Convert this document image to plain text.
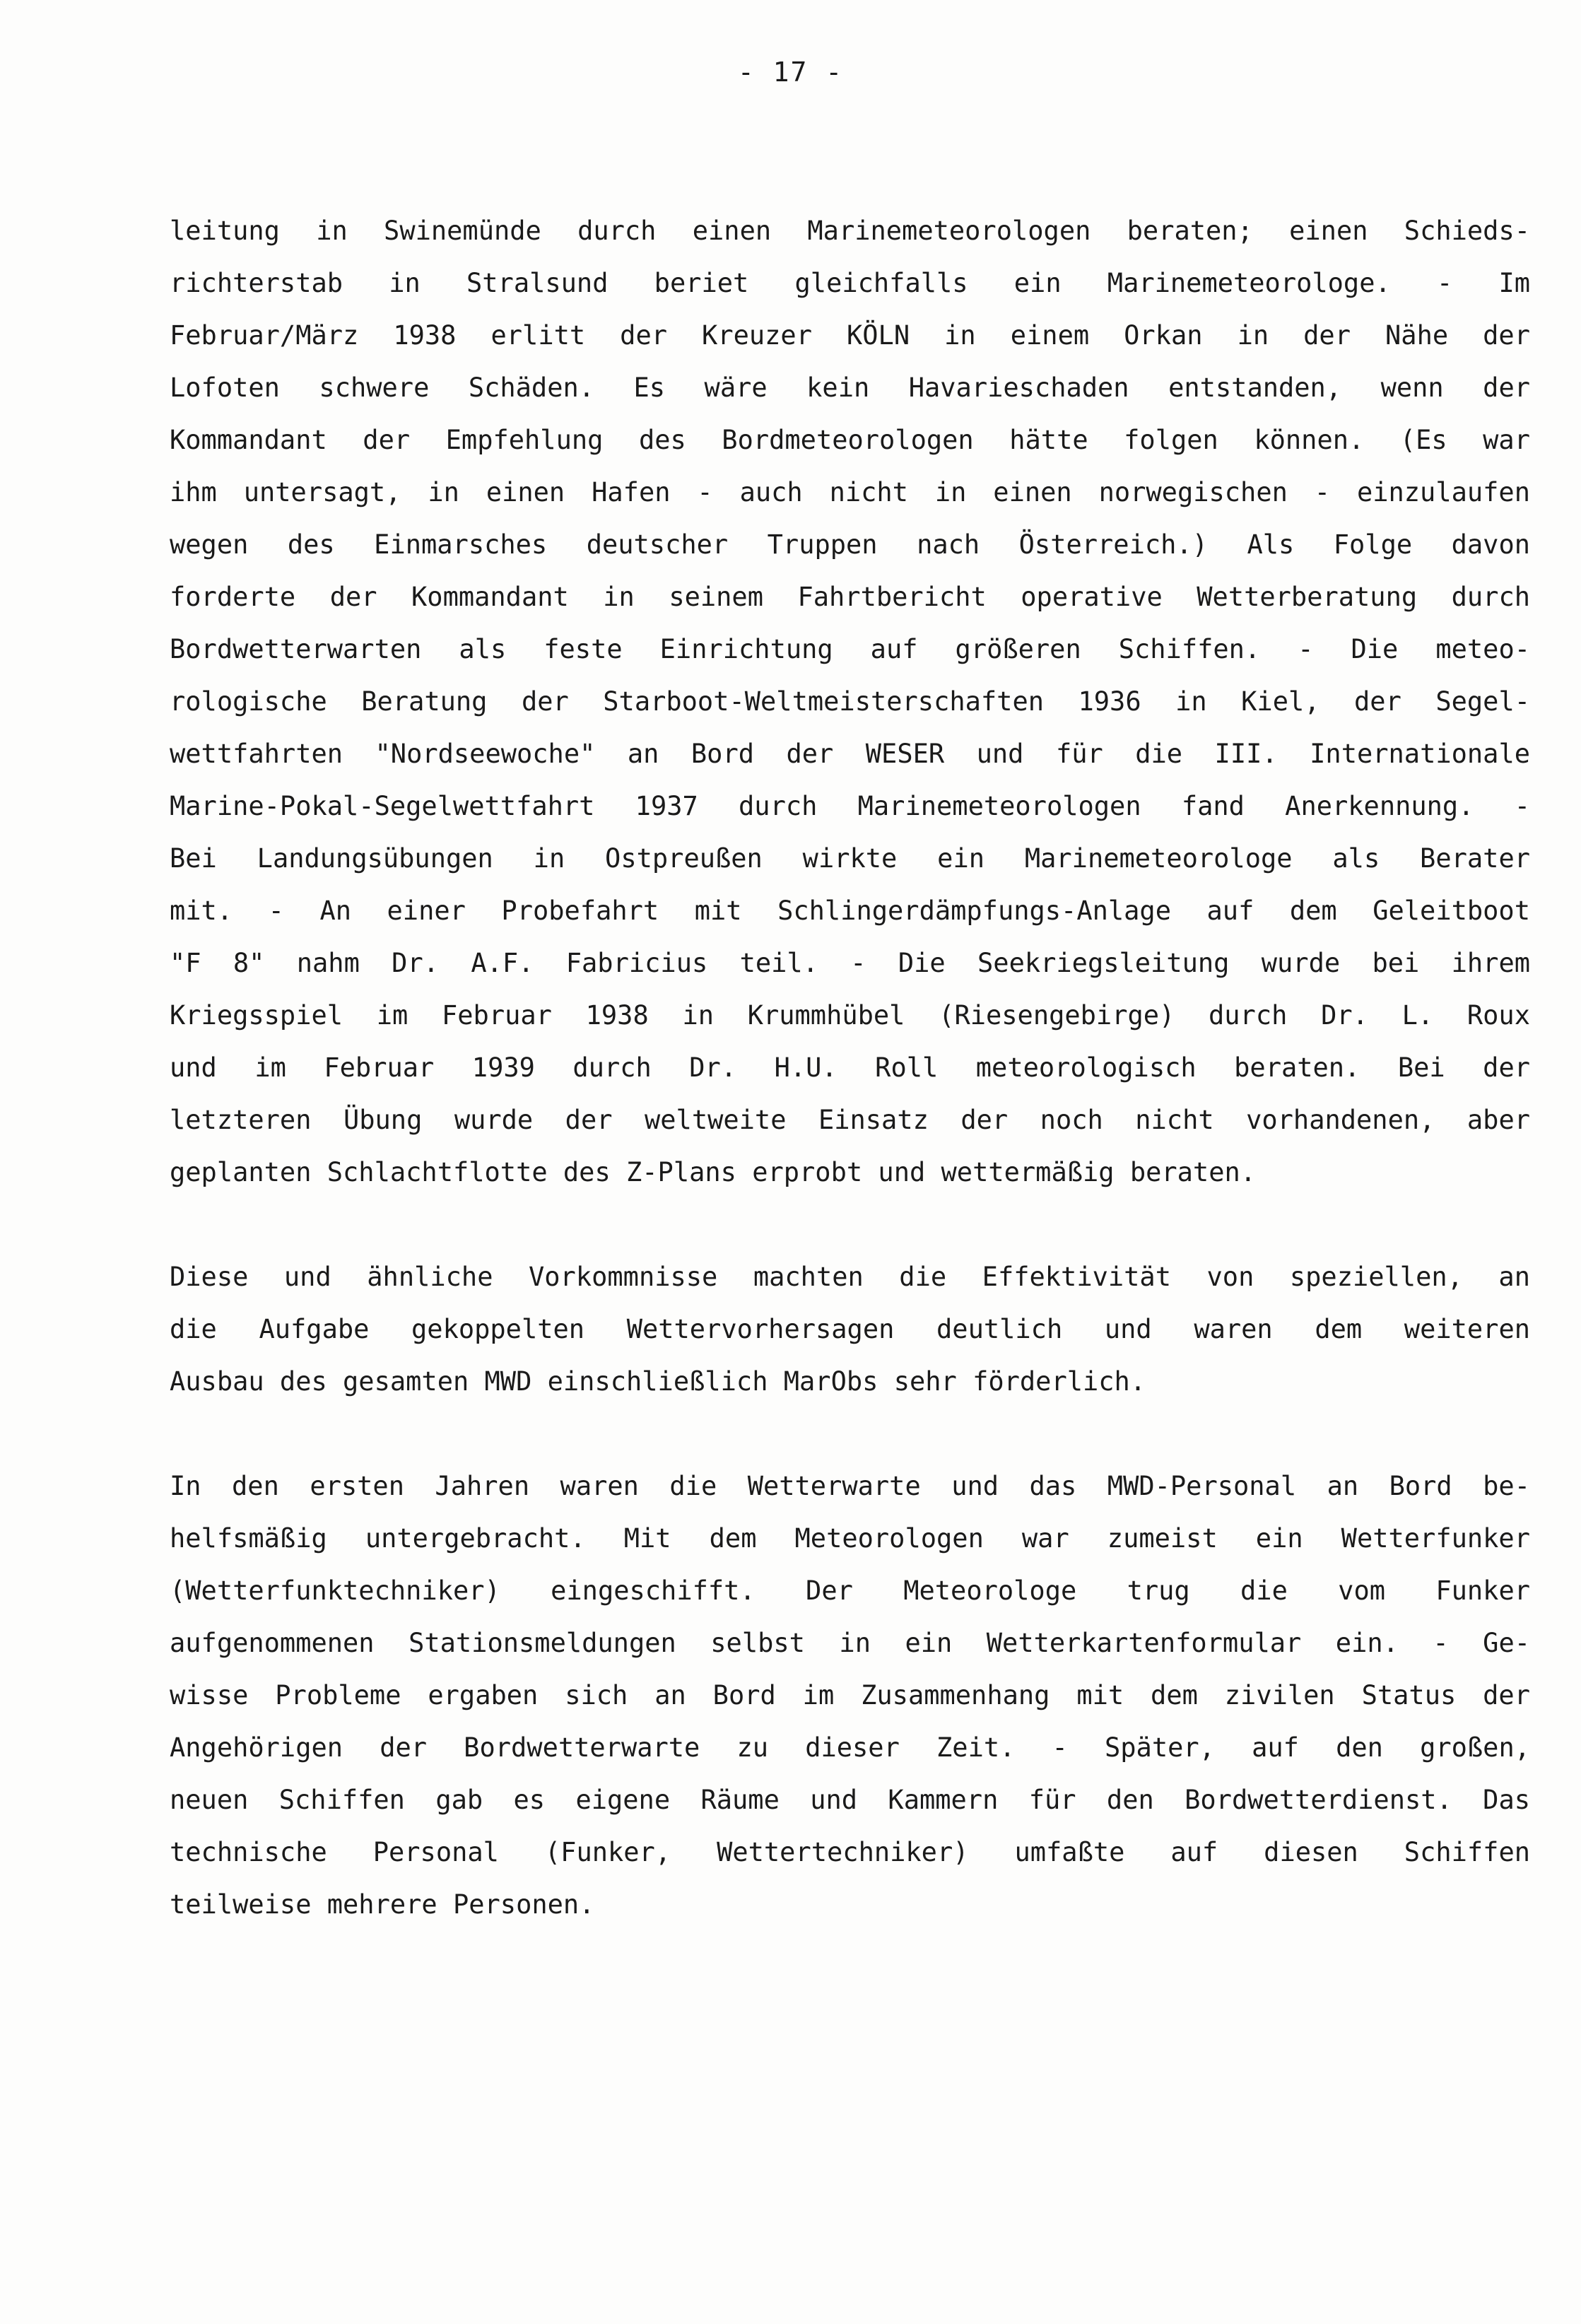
- 17 -
leitung in Swinemünde durch einen Marinemeteorologen beraten; einen Schieds-
richterstab in Stralsund beriet gleichfalls ein Marinemeteorologe. - Im
Februar/März 1938 erlitt der Kreuzer KÖLN in einem Orkan in der Nähe der
Lofoten schwere Schäden. Es wäre kein Havarieschaden entstanden, wenn der
Kommandant der Empfehlung des Bordmeteorologen hätte folgen können. (Es war
ihm untersagt, in einen Hafen - auch nicht in einen norwegischen - einzulaufen
wegen des Einmarsches deutscher Truppen nach Österreich.) Als Folge davon
forderte der Kommandant in seinem Fahrtbericht operative Wetterberatung durch
Bordwetterwarten als feste Einrichtung auf größeren Schiffen. - Die meteo-
rologische Beratung der Starboot-Weltmeisterschaften 1936 in Kiel, der Segel-
wettfahrten "Nordseewoche" an Bord der WESER und für die III. Internationale
Marine-Pokal-Segelwettfahrt 1937 durch Marinemeteorologen fand Anerkennung. -
Bei Landungsübungen in Ostpreußen wirkte ein Marinemeteorologe als Berater
mit. - An einer Probefahrt mit Schlingerdämpfungs-Anlage auf dem Geleitboot
"F 8" nahm Dr. A.F. Fabricius teil. - Die Seekriegsleitung wurde bei ihrem
Kriegsspiel im Februar 1938 in Krummhübel (Riesengebirge) durch Dr. L. Roux
und im Februar 1939 durch Dr. H.U. Roll meteorologisch beraten. Bei der
letzteren Übung wurde der weltweite Einsatz der noch nicht vorhandenen, aber
geplanten Schlachtflotte des Z-Plans erprobt und wettermäßig beraten.
Diese und ähnliche Vorkommnisse machten die Effektivität von speziellen, an
die Aufgabe gekoppelten Wettervorhersagen deutlich und waren dem weiteren
Ausbau des gesamten MWD einschließlich MarObs sehr förderlich.
In den ersten Jahren waren die Wetterwarte und das MWD-Personal an Bord be-
helfsmäßig untergebracht. Mit dem Meteorologen war zumeist ein Wetterfunker
(Wetterfunktechniker) eingeschifft. Der Meteorologe trug die vom Funker
aufgenommenen Stationsmeldungen selbst in ein Wetterkartenformular ein. - Ge-
wisse Probleme ergaben sich an Bord im Zusammenhang mit dem zivilen Status der
Angehörigen der Bordwetterwarte zu dieser Zeit. - Später, auf den großen,
neuen Schiffen gab es eigene Räume und Kammern für den Bordwetterdienst. Das
technische Personal (Funker, Wettertechniker) umfaßte auf diesen Schiffen
teilweise mehrere Personen.
